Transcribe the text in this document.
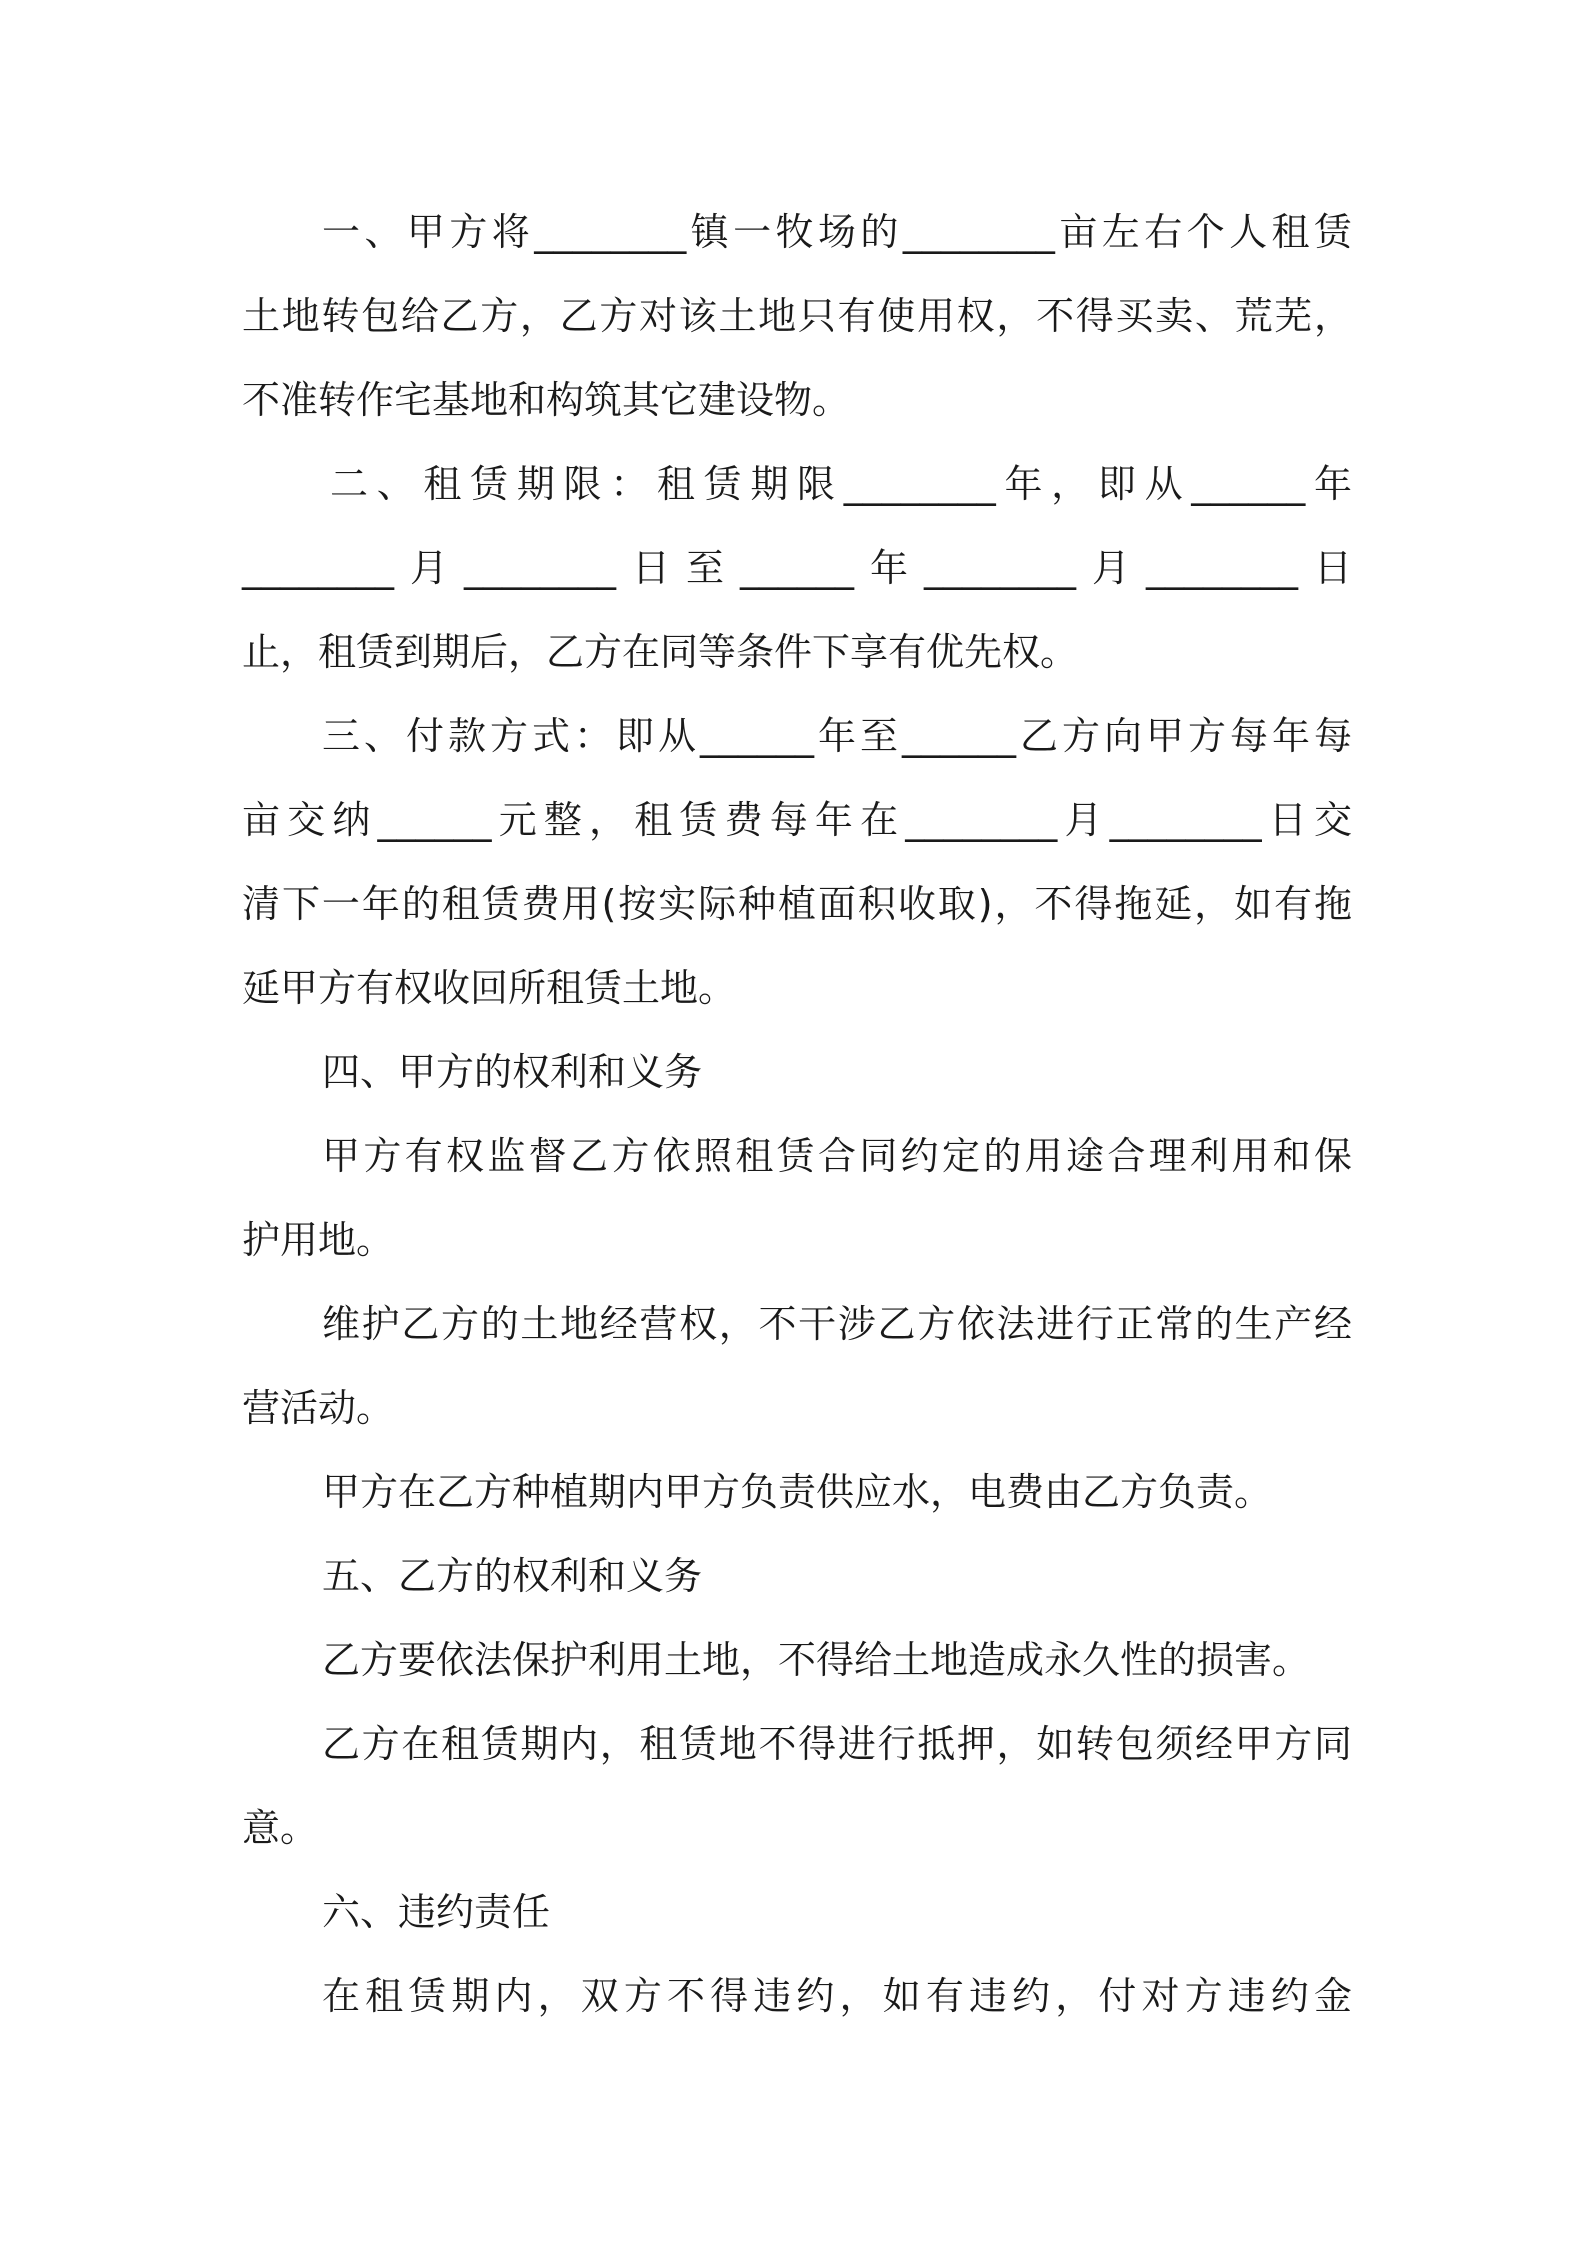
一、甲方将________镇一牧场的________亩左右个人租赁
土地转包给乙方，乙方对该土地只有使用权，不得买卖、荒芜，
不准转作宅基地和构筑其它建设物。
二、租赁期限：租赁期限________年，即从______年
________月________日至______年________月________日
止，租赁到期后，乙方在同等条件下享有优先权。
三、付款方式：即从______年至______乙方向甲方每年每
亩交纳______元整，租赁费每年在________月________日交
清下一年的租赁费用(按实际种植面积收取)，不得拖延，如有拖
延甲方有权收回所租赁土地。
四、甲方的权利和义务
甲方有权监督乙方依照租赁合同约定的用途合理利用和保
护用地。
维护乙方的土地经营权，不干涉乙方依法进行正常的生产经
营活动。
甲方在乙方种植期内甲方负责供应水，电费由乙方负责。
五、乙方的权利和义务
乙方要依法保护利用土地，不得给土地造成永久性的损害。
乙方在租赁期内，租赁地不得进行抵押，如转包须经甲方同
意。
六、违约责任
在租赁期内，双方不得违约，如有违约，付对方违约金
